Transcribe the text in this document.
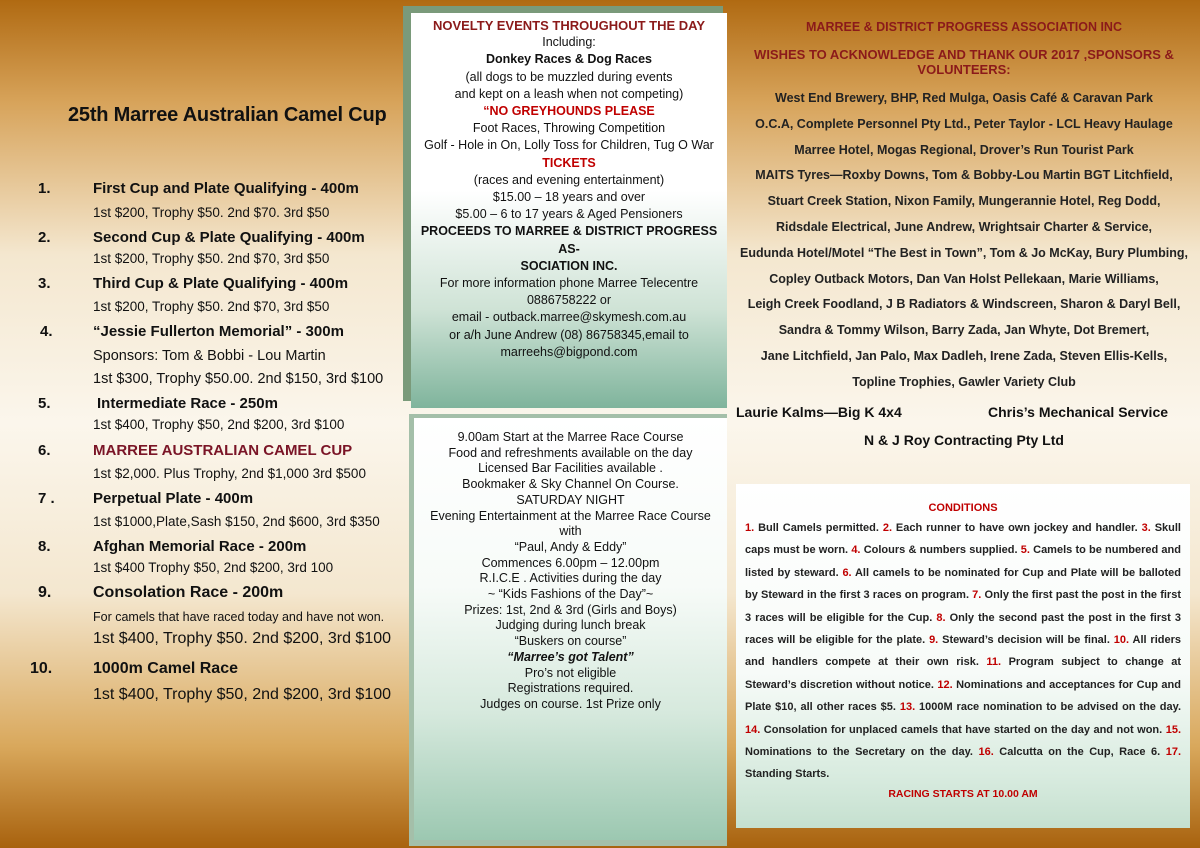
25th Marree Australian Camel Cup
1.	First Cup and Plate Qualifying - 400m
1st $200, Trophy $50. 2nd $70. 3rd $50
2.	Second Cup & Plate Qualifying - 400m
1st $200, Trophy $50. 2nd $70, 3rd $50
3.	Third Cup & Plate Qualifying - 400m
1st $200, Trophy $50. 2nd $70, 3rd $50
4.	“Jessie Fullerton Memorial” - 300m
Sponsors: Tom & Bobbi - Lou Martin
1st $300, Trophy $50.00. 2nd $150, 3rd $100
5.	Intermediate Race - 250m
1st $400, Trophy $50, 2nd $200, 3rd $100
6.	MARREE AUSTRALIAN CAMEL CUP
1st $2,000. Plus Trophy, 2nd $1,000 3rd $500
7 .	Perpetual Plate - 400m
1st $1000,Plate,Sash $150, 2nd $600, 3rd $350
8.	Afghan Memorial Race - 200m
1st $400 Trophy $50, 2nd $200, 3rd 100
9.	Consolation Race - 200m
For camels that have raced today and have not won.
1st $400, Trophy $50. 2nd $200, 3rd $100
10.	1000m Camel Race
1st $400, Trophy $50, 2nd $200, 3rd $100
NOVELTY EVENTS THROUGHOUT THE DAY
Including:
Donkey Races & Dog Races
(all dogs to be muzzled during events
and kept on a leash when not competing)
“NO GREYHOUNDS PLEASE
Foot Races, Throwing Competition
Golf - Hole in On, Lolly Toss for Children, Tug O War
TICKETS
(races and evening entertainment)
$15.00 – 18 years and over
$5.00 – 6 to 17 years & Aged Pensioners
PROCEEDS TO MARREE & DISTRICT PROGRESS AS-
SOCIATION INC.
For more information phone Marree Telecentre
0886758222 or
email - outback.marree@skymesh.com.au
or a/h June Andrew (08) 86758345,email to
marreehs@bigpond.com
9.00am Start at the Marree Race Course
Food and refreshments available on the day
Licensed Bar Facilities available .
Bookmaker & Sky Channel On Course.
SATURDAY NIGHT
Evening Entertainment at the Marree Race Course
with
“Paul, Andy & Eddy”
Commences 6.00pm – 12.00pm
R.I.C.E . Activities during the day
~ “Kids Fashions of the Day”~
Prizes: 1st, 2nd & 3rd (Girls and Boys)
Judging during lunch break
“Buskers on course”
“Marree’s got Talent”
Pro’s not eligible
Registrations required.
Judges on course. 1st Prize only
MARREE & DISTRICT PROGRESS ASSOCIATION INC
WISHES TO ACKNOWLEDGE AND THANK OUR 2017 ,SPONSORS & VOLUNTEERS:
West End Brewery, BHP, Red Mulga, Oasis Café & Caravan Park
O.C.A, Complete Personnel Pty Ltd., Peter Taylor - LCL Heavy Haulage
Marree Hotel, Mogas Regional, Drover’s Run Tourist Park
MAITS Tyres—Roxby Downs, Tom & Bobby-Lou Martin BGT Litchfield,
Stuart Creek Station, Nixon Family, Mungerannie Hotel, Reg Dodd,
Ridsdale Electrical, June Andrew, Wrightsair Charter & Service,
Eudunda Hotel/Motel “The Best in Town”, Tom & Jo McKay, Bury Plumbing,
Copley Outback Motors, Dan Van Holst Pellekaan, Marie Williams,
Leigh Creek Foodland, J B Radiators & Windscreen, Sharon & Daryl Bell,
Sandra & Tommy Wilson, Barry Zada, Jan Whyte, Dot Bremert,
Jane Litchfield, Jan Palo, Max Dadleh, Irene Zada, Steven Ellis-Kells,
Topline Trophies, Gawler Variety Club
Laurie Kalms—Big K 4x4	Chris’s Mechanical Service
N & J Roy Contracting Pty Ltd
CONDITIONS
1. Bull Camels permitted. 2. Each runner to have own jockey and handler. 3. Skull caps must be worn. 4. Colours & numbers supplied. 5. Camels to be numbered and listed by steward. 6. All camels to be nominated for Cup and Plate will be balloted by Steward in the first 3 races on program. 7. Only the first past the post in the first 3 races will be eligible for the Cup. 8. Only the second past the post in the first 3 races will be eligible for the plate. 9. Steward’s decision will be final. 10. All riders and handlers compete at their own risk. 11. Program subject to change at Steward’s discretion without notice. 12. Nominations and acceptances for Cup and Plate $10, all other races $5. 13. 1000M race nomination to be advised on the day. 14. Consolation for unplaced camels that have started on the day and not won. 15. Nominations to the Secretary on the day. 16. Calcutta on the Cup, Race 6. 17. Standing Starts.
RACING STARTS AT 10.00 AM
